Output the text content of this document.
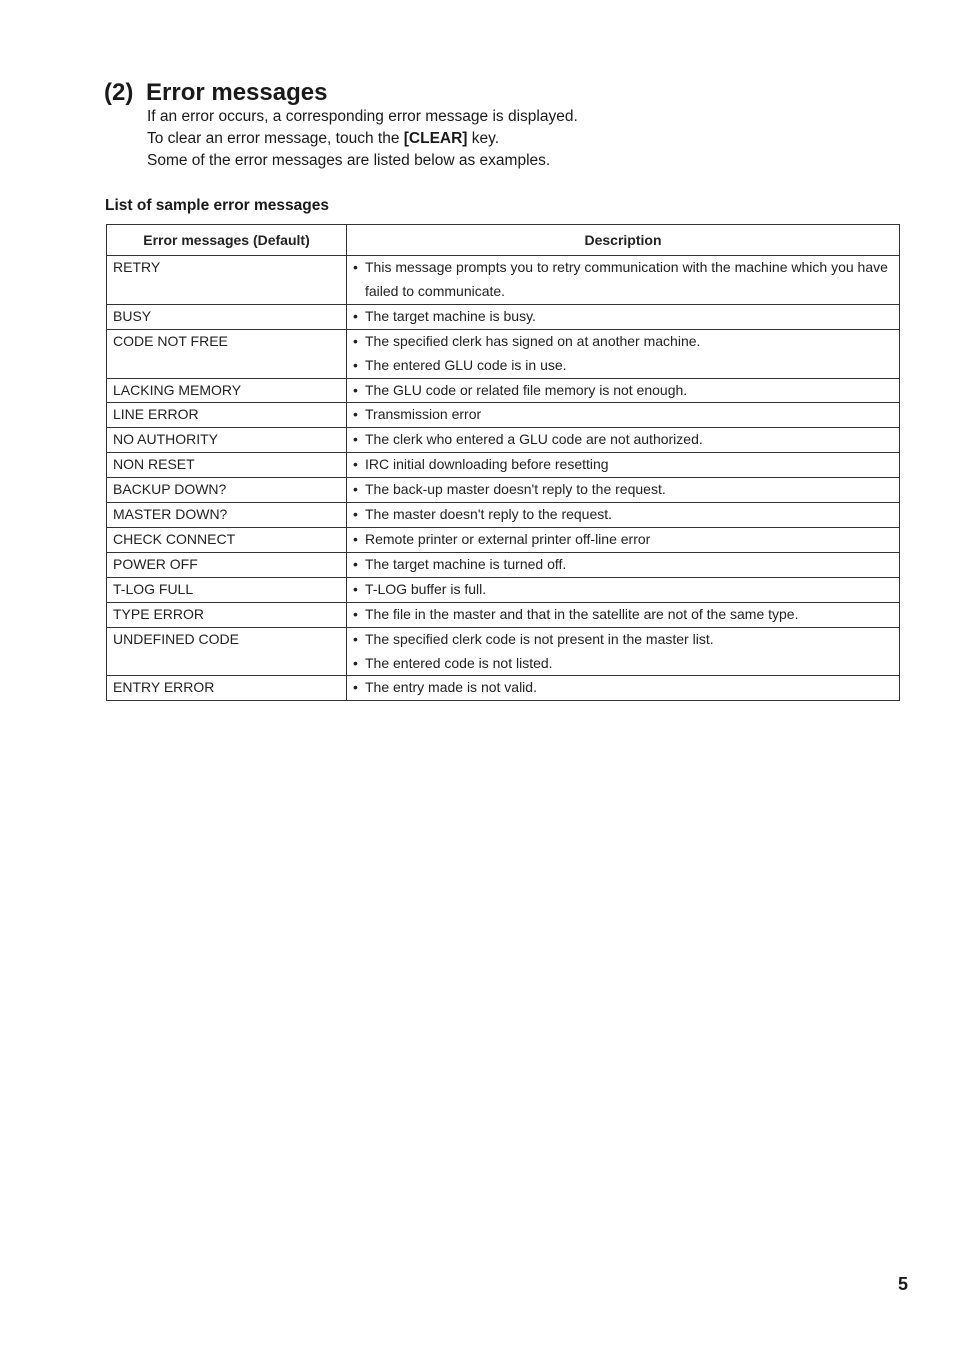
(2) Error messages

If an error occurs, a corresponding error message is displayed.

To clear an error message, touch the [CLEAR] key.

Some of the error messages are listed below as examples.

List of sample error messages
Error messages (Default)	Description
RETRY	• This message prompts you to retry communication with the machine which you have failed to communicate.

BUSY	• The target machine is busy.

CODE NOT FREE	• The specified clerk has signed on at another machine.
• The entered GLU code is in use.

LACKING MEMORY	• The GLU code or related file memory is not enough.

LINE ERROR	• Transmission error

NO AUTHORITY	• The clerk who entered a GLU code are not authorized.

NON RESET	• IRC initial downloading before resetting

BACKUP DOWN?	• The back-up master doesn't reply to the request.

MASTER DOWN?	• The master doesn't reply to the request.

CHECK CONNECT	• Remote printer or external printer off-line error

POWER OFF	• The target machine is turned off.

T-LOG FULL	• T-LOG buffer is full.

TYPE ERROR	• The file in the master and that in the satellite are not of the same type.

UNDEFINED CODE	• The specified clerk code is not present in the master list.
• The entered code is not listed.

ENTRY ERROR	• The entry made is not valid.
5
